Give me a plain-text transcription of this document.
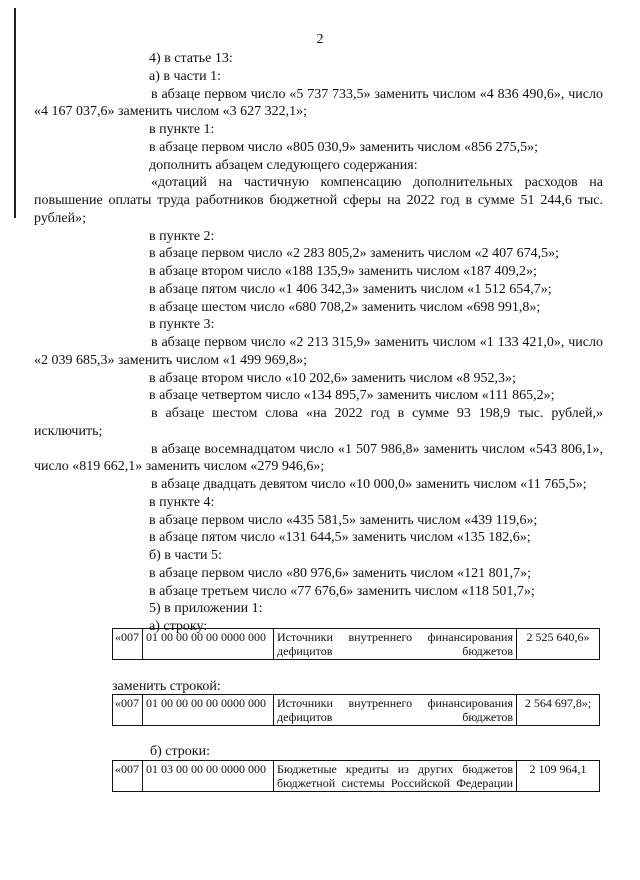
2

4) в статье 13:

а) в части 1:

в абзаце первом число «5 737 733,5» заменить числом «4 836 490,6», число «4 167 037,6» заменить числом «3 627 322,1»;

в пункте 1:

в абзаце первом число «805 030,9» заменить числом «856 275,5»;

дополнить абзацем следующего содержания:

«дотаций на частичную компенсацию дополнительных расходов на повышение оплаты труда работников бюджетной сферы на 2022 год в сумме 51 244,6 тыс. рублей»;

в пункте 2:

в абзаце первом число «2 283 805,2» заменить числом «2 407 674,5»;

в абзаце втором число «188 135,9» заменить числом «187 409,2»;

в абзаце пятом число «1 406 342,3» заменить числом «1 512 654,7»;

в абзаце шестом число «680 708,2» заменить числом «698 991,8»;

в пункте 3:

в абзаце первом число «2 213 315,9» заменить числом «1 133 421,0», число «2 039 685,3» заменить числом «1 499 969,8»;

в абзаце втором число «10 202,6» заменить числом «8 952,3»;

в абзаце четвертом число «134 895,7» заменить числом «111 865,2»;

в абзаце шестом слова «на 2022 год в сумме 93 198,9 тыс. рублей,» исключить;

в абзаце восемнадцатом число «1 507 986,8» заменить числом «543 806,1», число «819 662,1» заменить числом «279 946,6»;

в абзаце двадцать девятом число «10 000,0» заменить числом «11 765,5»;

в пункте 4:

в абзаце первом число «435 581,5» заменить числом «439 119,6»;

в абзаце пятом число «131 644,5» заменить числом «135 182,6»;

б) в части 5:

в абзаце первом число «80 976,6» заменить числом «121 801,7»;

в абзаце третьем число «77 676,6» заменить числом «118 501,7»;

5) в приложении 1:

а) строку:

«007	01 00 00 00 00 0000 000	Источники внутреннего финансирования дефицитов бюджетов	2 525 640,6»
заменить строкой:
«007	01 00 00 00 00 0000 000	Источники внутреннего финансирования дефицитов бюджетов	2 564 697,8»;
б) строки:
«007	01 03 00 00 00 0000 000	Бюджетные кредиты из других бюджетов бюджетной системы Российской Федерации	2 109 964,1
